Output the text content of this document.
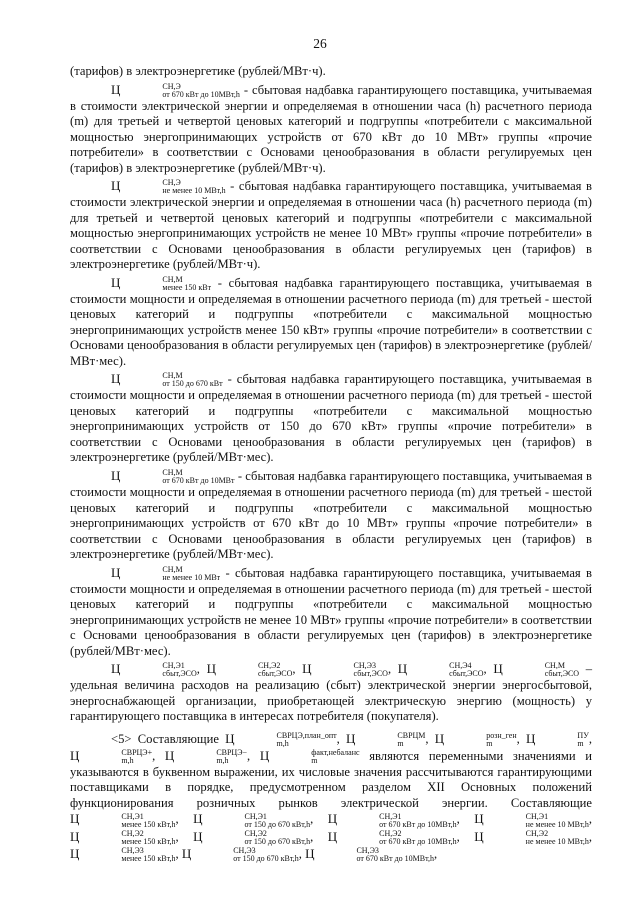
26

(тарифов) в электроэнергетике (рублей/МВт·ч).

Ц	СН,Э
от 670 кВт до 10МВт,h - сбытовая надбавка гарантирующего поставщика, учитываемая в стоимости электрической энергии и определяемая в отношении часа (h) расчетного периода (m) для третьей и четвертой ценовых категорий и подгруппы «потребители с максимальной мощностью энергопринимающих устройств от 670 кВт до 10 МВт» группы «прочие потребители» в соответствии с Основами ценообразования в области регулируемых цен (тарифов) в электроэнергетике (рублей/МВт·ч).

Ц	СН,Э
не менее 10 МВт,h - сбытовая надбавка гарантирующего поставщика, учитываемая в стоимости электрической энергии и определяемая в отношении часа (h) расчетного периода (m) для третьей и четвертой ценовых категорий и подгруппы «потребители с максимальной мощностью энергопринимающих устройств не менее 10 МВт» группы «прочие потребители» в соответствии с Основами ценообразования в области регулируемых цен (тарифов) в электроэнергетике (рублей/МВт·ч).

Ц	СН,М
менее 150 кВт - сбытовая надбавка гарантирующего поставщика, учитываемая в стоимости мощности и определяемая в отношении расчетного периода (m) для третьей - шестой ценовых категорий и подгруппы «потребители с максимальной мощностью энергопринимающих устройств менее 150 кВт» группы «прочие потребители» в соответствии с Основами ценообразования в области регулируемых цен (тарифов) в электроэнергетике (рублей/МВт·мес).

Ц	СН,М
от 150 до 670 кВт - сбытовая надбавка гарантирующего поставщика, учитываемая в стоимости мощности и определяемая в отношении расчетного периода (m) для третьей - шестой ценовых категорий и подгруппы «потребители с максимальной мощностью энергопринимающих устройств от 150 до 670 кВт» группы «прочие потребители» в соответствии с Основами ценообразования в области регулируемых цен (тарифов) в электроэнергетике (рублей/МВт·мес).

Ц	СН,М
от 670 кВт до 10МВт - сбытовая надбавка гарантирующего поставщика, учитываемая в стоимости мощности и определяемая в отношении расчетного периода (m) для третьей - шестой ценовых категорий и подгруппы «потребители с максимальной мощностью энергопринимающих устройств от 670 кВт до 10 МВт» группы «прочие потребители» в соответствии с Основами ценообразования в области регулируемых цен (тарифов) в электроэнергетике (рублей/МВт·мес).

Ц	СН,М
не менее 10 МВт - сбытовая надбавка гарантирующего поставщика, учитываемая в стоимости мощности и определяемая в отношении расчетного периода (m) для третьей - шестой ценовых категорий и подгруппы «потребители с максимальной мощностью энергопринимающих устройств не менее 10 МВт» группы «прочие потребители» в соответствии с Основами ценообразования в области регулируемых цен (тарифов) в электроэнергетике (рублей/МВт·мес).

Ц	СН,Э1
сбыт,ЭСО , Ц	СН,Э2
сбыт,ЭСО , Ц	СН,Э3
сбыт,ЭСО , Ц	СН,Э4
сбыт,ЭСО , Ц	СН,М
сбыт,ЭСО – удельная величина расходов на реализацию (сбыт) электрической энергии энергосбытовой, энергоснабжающей организации, приобретающей электрическую энергию (мощность) у гарантирующего поставщика в интересах потребителя (покупателя).

<5> Составляющие Ц	СВРЦЭ,план_опт
m,h	, Ц	СВРЦМ
m	, Ц	розн_ген
m	, Ц	ПУ
m , Ц	СВРЦЭ+
m,h	, Ц	СВРЦЭ−
m,h	, Ц	факт,небаланс
m	являются переменными значениями и указываются в буквенном выражении, их числовые значения рассчитываются гарантирующими поставщиками в порядке, предусмотренном разделом XII Основных положений функционирования розничных рынков электрической энергии. Составляющие Ц	СН,Э1
менее 150 кВт,h , Ц	СН,Э1
от 150 до 670 кВт,h , Ц	СН,Э1
от 670 кВт до 10МВт,h , Ц	СН,Э1
не менее 10 МВт,h , Ц	СН,Э2
менее 150 кВт,h , Ц	СН,Э2
от 150 до 670 кВт,h , Ц	СН,Э2
от 670 кВт до 10МВт,h , Ц	СН,Э2
не менее 10 МВт,h , Ц	СН,Э3
менее 150 кВт,h , Ц	СН,Э3
от 150 до 670 кВт,h , Ц	СН,Э3
от 670 кВт до 10МВт,h ,
